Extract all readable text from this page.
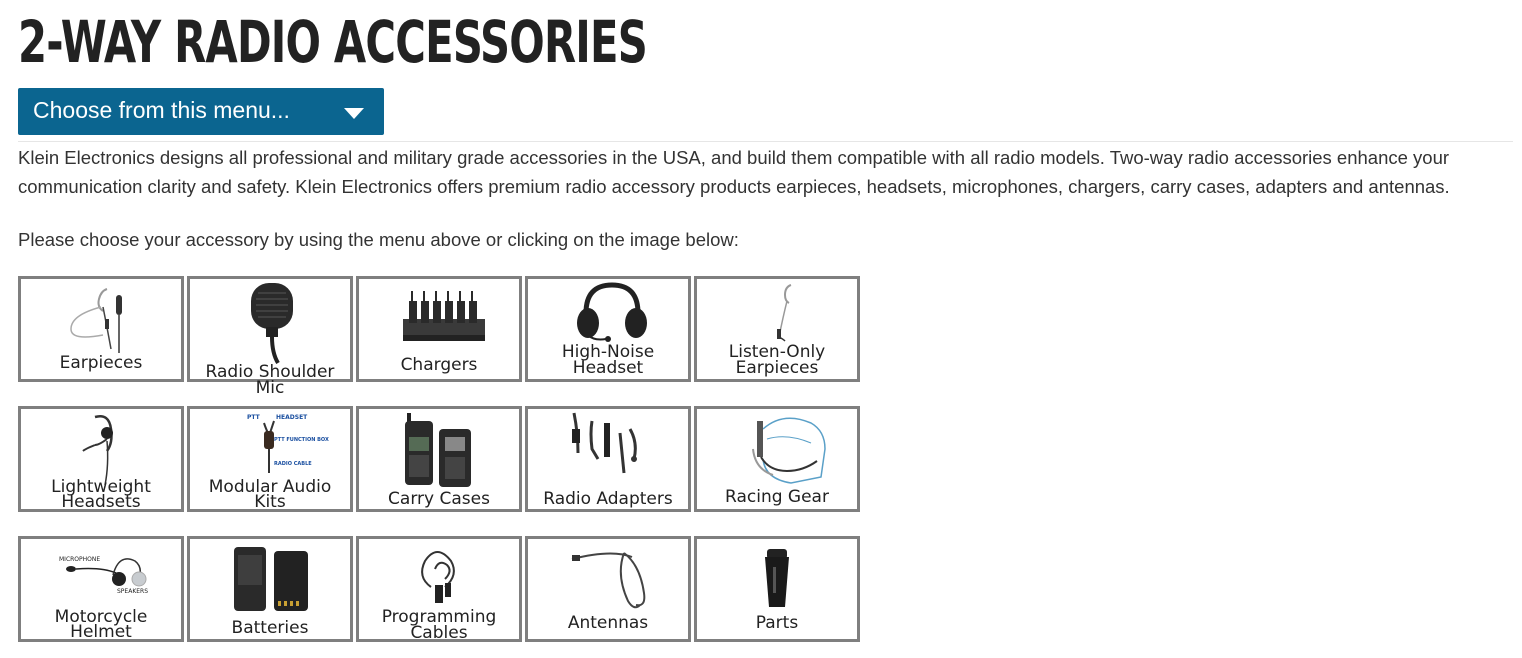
2-WAY RADIO ACCESSORIES
Choose from this menu...

Klein Electronics designs all professional and military grade accessories in the USA, and build them compatible with all radio models. Two-way radio accessories enhance your communication clarity and safety. Klein Electronics offers premium radio accessory products earpieces, headsets, microphones, chargers, carry cases, adapters and antennas.

Please choose your accessory by using the menu above or clicking on the image below:

Earpieces	Radio Shoulder Mic
Chargers
High-Noise
Headset
Listen-Only
Earpieces
Lightweight
Headsets
PTT	HEADSET
PTT FUNCTION BOX
RADIO CABLE
Modular Audio
Kits	Carry Cases	Radio Adapters	Racing Gear
MICROPHONE
SPEAKERS
Motorcycle
Helmet	Batteries
Programming
Cables	Antennas	Parts
